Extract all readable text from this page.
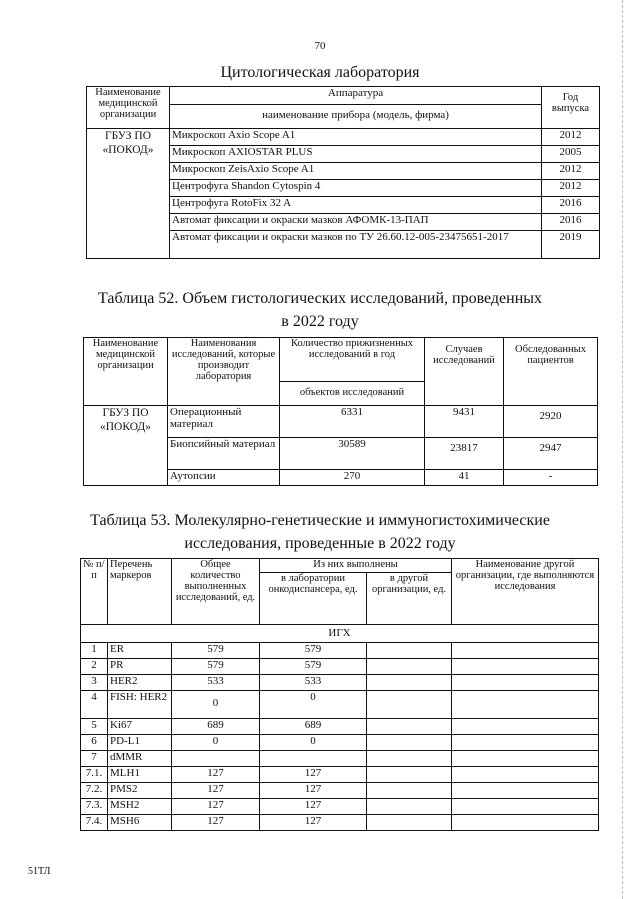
70
Цитологическая лаборатория
Наименование медицинской организации	Аппаратура	Год выпуска
	наименование прибора (модель, фирма)	
ГБУЗ ПО «ПОКОД»	Микроскоп Axio Scope A1	2012
	Микроскоп AXIOSTAR PLUS	2005
	Микроскоп ZeisAxio Scope A1	2012
	Центрофуга Shandon Cytospin 4	2012
	Центрофуга RotoFix 32 A	2016
	Автомат фиксации и окраски мазков АФОМК-13-ПАП	2016
	Автомат фиксации и окраски мазков по ТУ 26.60.12-005-23475651-2017	2019
Таблица 52. Объем гистологических исследований, проведенных
в 2022 году
Наименование медицинской организации	Наименования исследований, которые производит лаборатория	Количество прижизненных исследований в год	Случаев исследований	Обследованных пациентов
		объектов исследований		
ГБУЗ ПО «ПОКОД»	Операционный материал	6331	9431	2920
	Биопсийный материал	30589	23817	2947
	Аутопсии	270	41	-
Таблица 53. Молекулярно-генетические и иммуногистохимические
исследования, проведенные в 2022 году
№ п/п	Перечень маркеров	Общее количество выполненных исследований, ед.	Из них выполнены		Наименование другой организации, где выполняются исследования
			в лаборатории онкодиспансера, ед.	в другой организации, ед.	
ИГХ					
1	ER	579	579		
2	PR	579	579		
3	HER2	533	533		
4	FISH: HER2	0	0		
5	Ki67	689	689		
6	PD-L1	0	0		
7	dMMR				
7.1.	MLH1	127	127		
7.2.	PMS2	127	127		
7.3.	MSH2	127	127		
7.4.	MSH6	127	127		
51ТЛ
